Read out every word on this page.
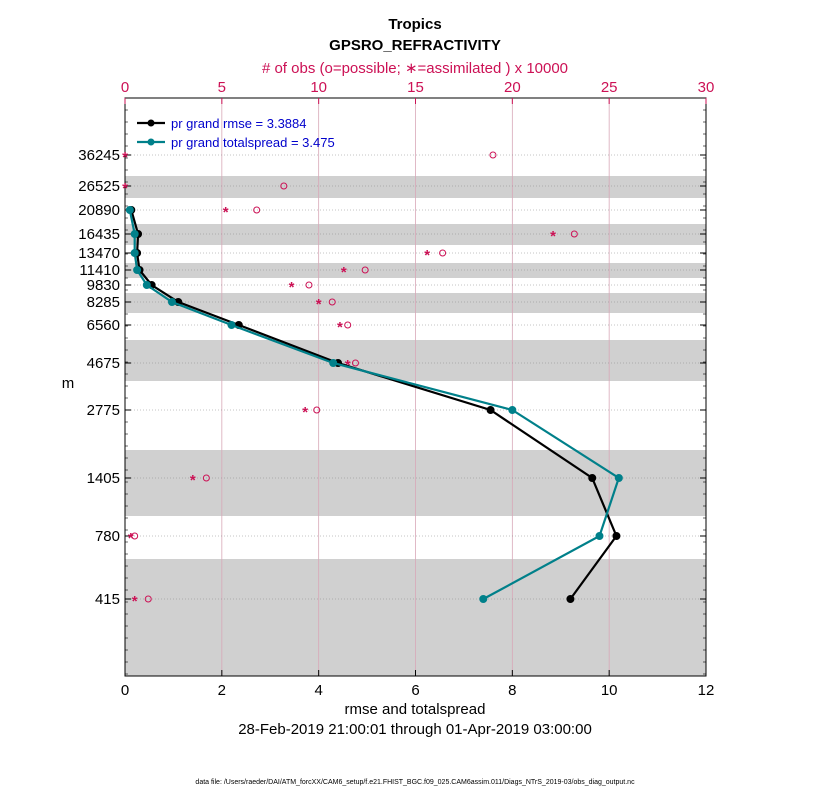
0	2	4	6	8	10	12
0	5	10	15	20	25	30
36245
26525
20890
16435
13470
11410
9830
8285
6560
4675
2775
1405
780
415
*
*
*
*
*
*
*
*
*
*
*
*
*
*
pr grand rmse = 3.3884
pr grand totalspread = 3.475
Tropics
GPSRO_REFRACTIVITY
# of obs (o=possible; ∗=assimilated ) x 10000
rmse and totalspread
m
28-Feb-2019 21:00:01 through 01-Apr-2019 03:00:00
data file: /Users/raeder/DAI/ATM_forcXX/CAM6_setup/f.e21.FHIST_BGC.f09_025.CAM6assim.011/Diags_NTrS_2019-03/obs_diag_output.nc
